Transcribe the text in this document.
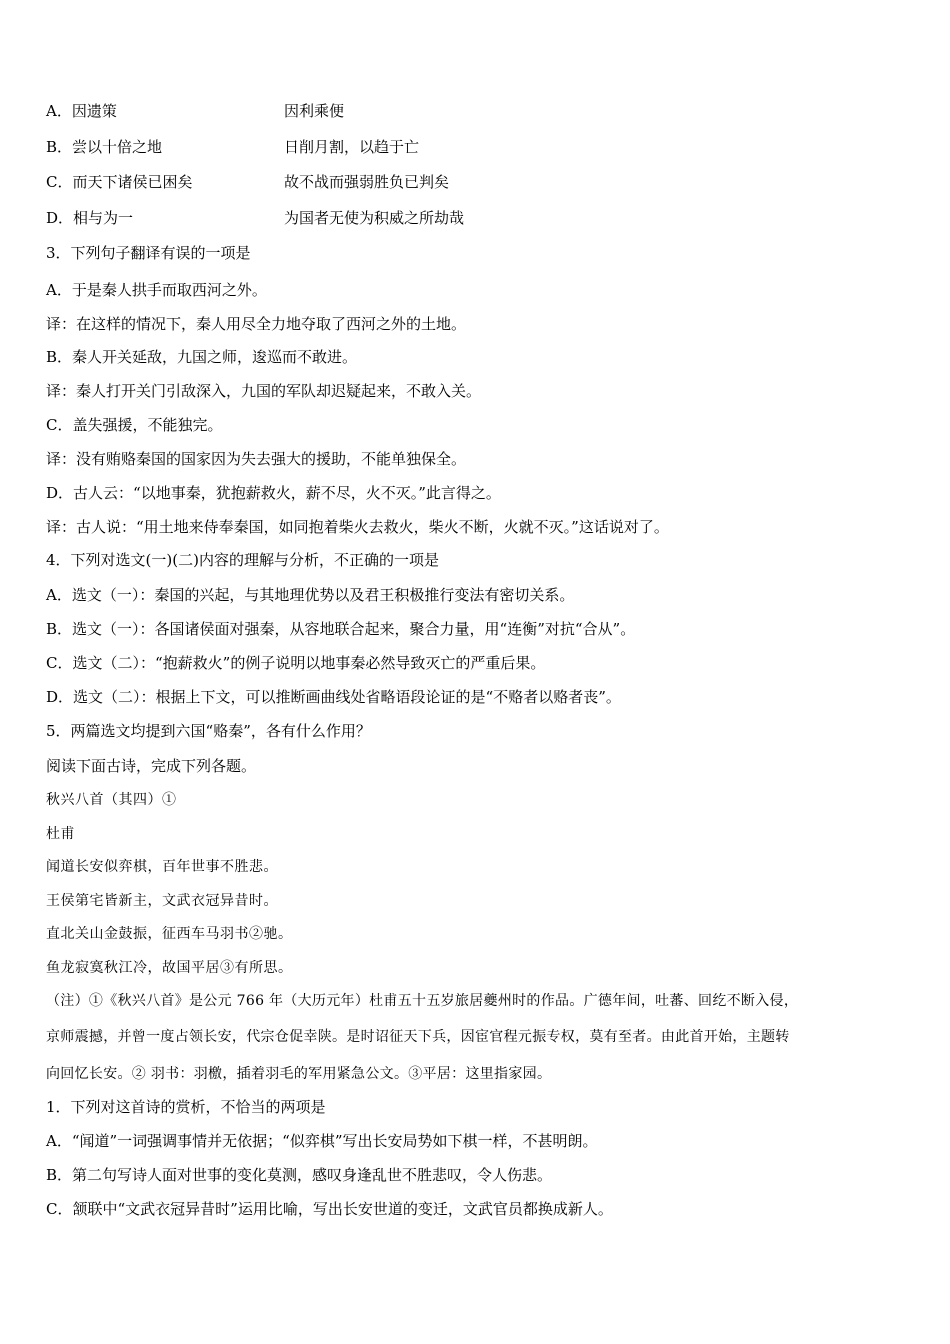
A．因遗策	因利乘便
B．尝以十倍之地	日削月割，以趋于亡
C．而天下诸侯已困矣	故不战而强弱胜负已判矣
D．相与为一	为国者无使为积威之所劫哉
3．下列句子翻译有误的一项是
A．于是秦人拱手而取西河之外。
译：在这样的情况下，秦人用尽全力地夺取了西河之外的土地。
B．秦人开关延敌，九国之师，逡巡而不敢进。
译：秦人打开关门引敌深入，九国的军队却迟疑起来，不敢入关。
C．盖失强援，不能独完。
译：没有贿赂秦国的国家因为失去强大的援助，不能单独保全。
D．古人云：“以地事秦，犹抱薪救火，薪不尽，火不灭。”此言得之。
译：古人说：“用土地来侍奉秦国，如同抱着柴火去救火，柴火不断，火就不灭。”这话说对了。
4．下列对选文(一)(二)内容的理解与分析，不正确的一项是
A．选文（一）：秦国的兴起，与其地理优势以及君王积极推行变法有密切关系。
B．选文（一）：各国诸侯面对强秦，从容地联合起来，聚合力量，用“连衡”对抗“合从”。
C．选文（二）：“抱薪救火”的例子说明以地事秦必然导致灭亡的严重后果。
D．选文（二）：根据上下文，可以推断画曲线处省略语段论证的是“不赂者以赂者丧”。
5．两篇选文均提到六国“赂秦”，各有什么作用？
阅读下面古诗，完成下列各题。
秋兴八首（其四）①
杜甫
闻道长安似弈棋，百年世事不胜悲。
王侯第宅皆新主，文武衣冠异昔时。
直北关山金鼓振，征西车马羽书②驰。
鱼龙寂寞秋江冷，故国平居③有所思。
（注）①《秋兴八首》是公元 766 年（大历元年）杜甫五十五岁旅居夔州时的作品。广德年间，吐蕃、回纥不断入侵，
京师震撼，并曾一度占领长安，代宗仓促幸陕。是时诏征天下兵，因宦官程元振专权，莫有至者。由此首开始，主题转
向回忆长安。② 羽书：羽檄，插着羽毛的军用紧急公文。③平居：这里指家园。
1．下列对这首诗的赏析，不恰当的两项是
A．“闻道”一词强调事情并无依据；“似弈棋”写出长安局势如下棋一样，不甚明朗。
B．第二句写诗人面对世事的变化莫测，感叹身逢乱世不胜悲叹，令人伤悲。
C．颔联中“文武衣冠异昔时”运用比喻，写出长安世道的变迁，文武官员都换成新人。
